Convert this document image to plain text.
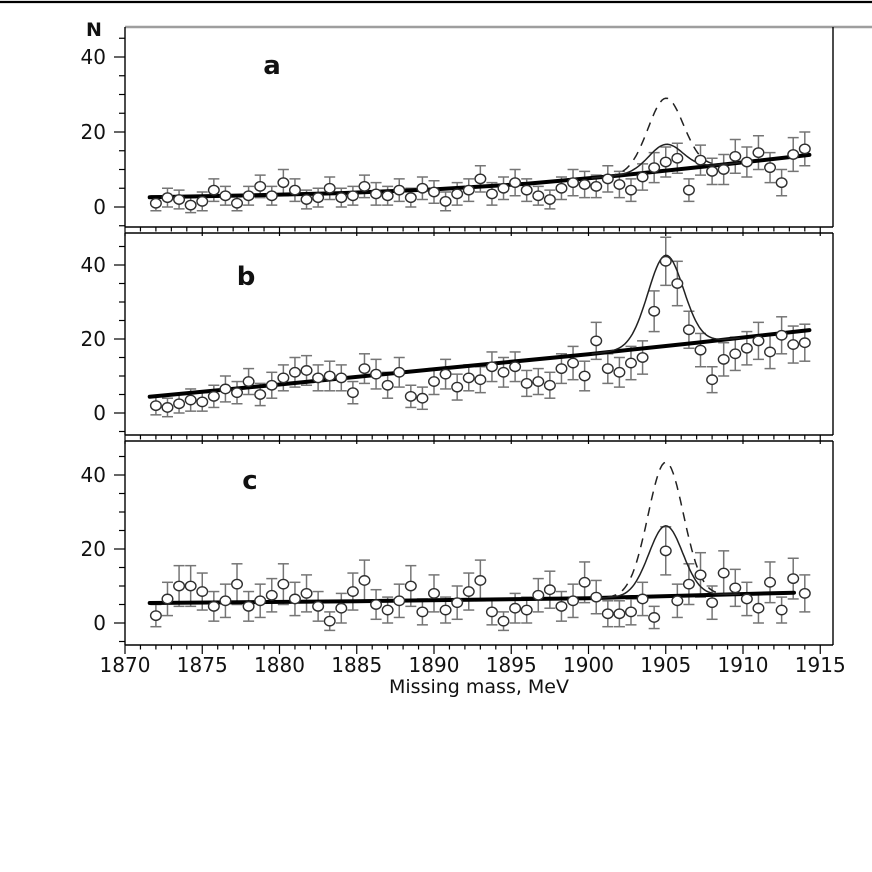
0
20
40
0
20
40
0
20
40
1870 1875 1880 1885 1890 1895 1900 1905 1910 1915
N
a
b
c
Missing mass, MeV
